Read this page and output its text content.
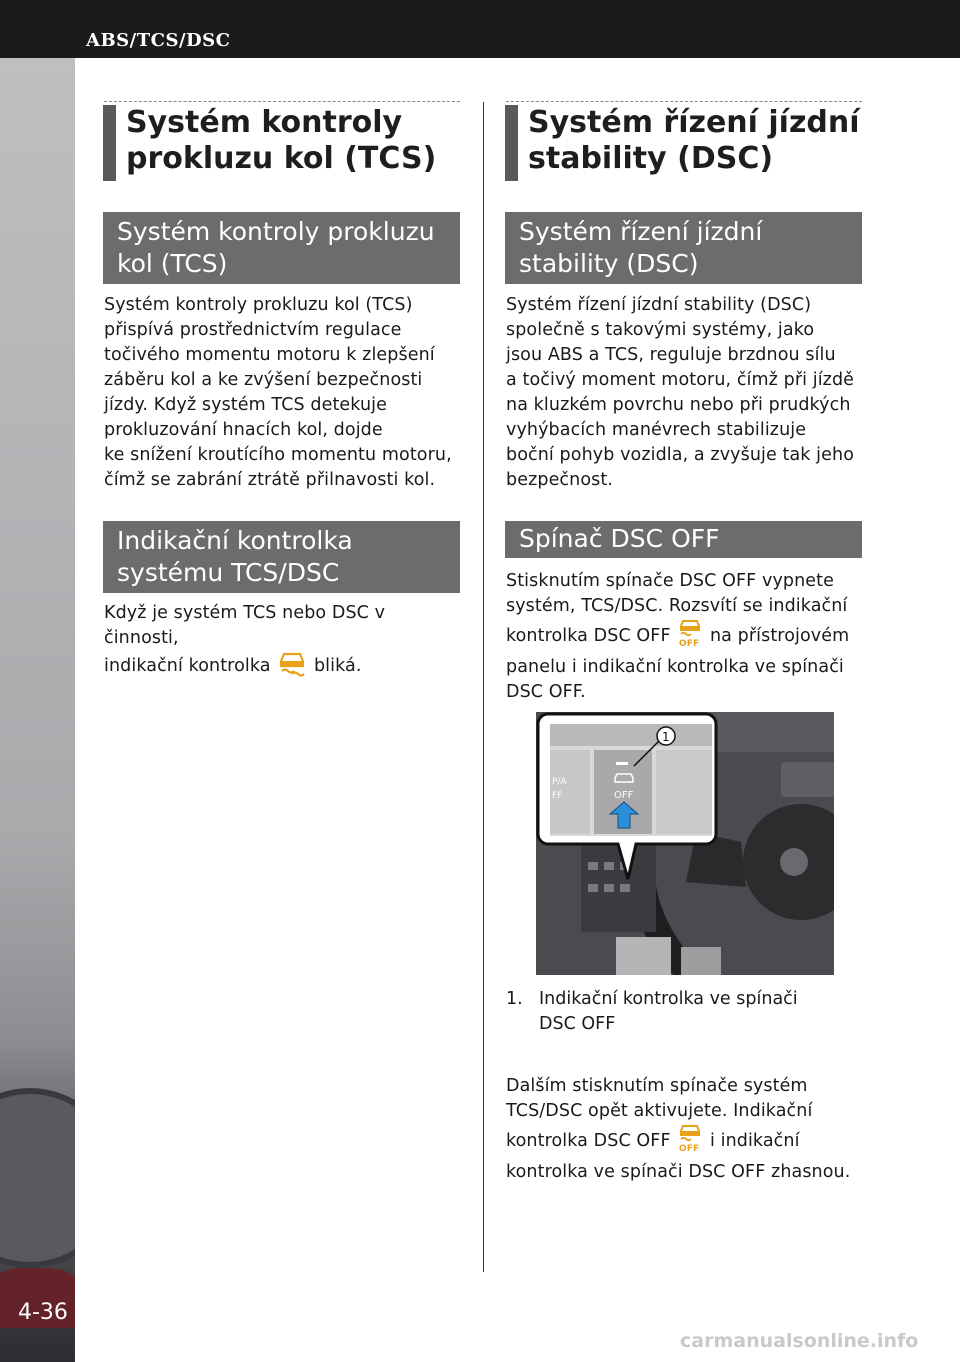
ABS/TCS/DSC
4-36
Systém kontroly
prokluzu kol (TCS)
Systém kontroly prokluzu
kol (TCS)
Systém kontroly prokluzu kol (TCS)
přispívá prostřednictvím regulace
točivého momentu motoru k zlepšení
záběru kol a ke zvýšení bezpečnosti
jízdy. Když systém TCS detekuje
prokluzování hnacích kol, dojde
ke snížení kroutícího momentu motoru,
čímž se zabrání ztrátě přilnavosti kol.
Indikační kontrolka
systému TCS/DSC
Když je systém TCS nebo DSC v činnosti,
indikační kontrolka bliká.
Systém řízení jízdní
stability (DSC)
Systém řízení jízdní
stability (DSC)
Systém řízení jízdní stability (DSC)
společně s takovými systémy, jako
jsou ABS a TCS, reguluje brzdnou sílu
a točivý moment motoru, čímž při jízdě
na kluzkém povrchu nebo při prudkých
vyhýbacích manévrech stabilizuje
boční pohyb vozidla, a zvyšuje tak jeho
bezpečnost.
Spínač DSC OFF
Stisknutím spínače DSC OFF vypnete
systém, TCS/DSC. Rozsvítí se indikační
kontrolka DSC OFF OFF na přístrojovém
panelu i indikační kontrolka ve spínači
DSC OFF.
P/A
FF	OFF
1
1. Indikační kontrolka ve spínači
DSC OFF
Dalším stisknutím spínače systém
TCS/DSC opět aktivujete. Indikační
kontrolka DSC OFF OFF i indikační
kontrolka ve spínači DSC OFF zhasnou.
carmanualsonline.info
